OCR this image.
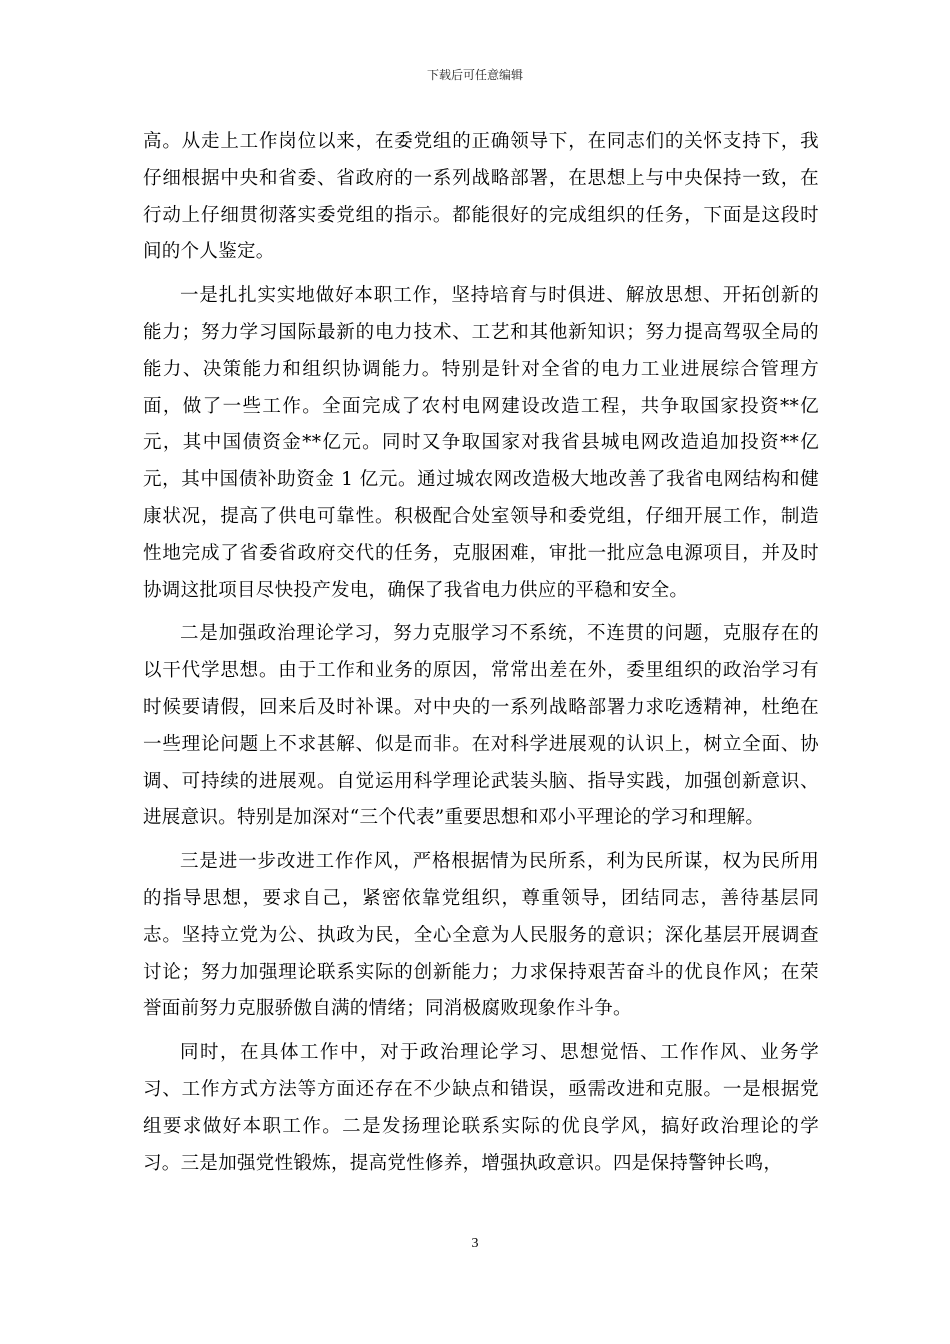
下载后可任意编辑

高。从走上工作岗位以来，在委党组的正确领导下，在同志们的关怀支持下，我仔细根据中央和省委、省政府的一系列战略部署，在思想上与中央保持一致，在行动上仔细贯彻落实委党组的指示。都能很好的完成组织的任务，下面是这段时间的个人鉴定。

一是扎扎实实地做好本职工作，坚持培育与时俱进、解放思想、开拓创新的能力；努力学习国际最新的电力技术、工艺和其他新知识；努力提高驾驭全局的能力、决策能力和组织协调能力。特别是针对全省的电力工业进展综合管理方面，做了一些工作。全面完成了农村电网建设改造工程，共争取国家投资**亿元，其中国债资金**亿元。同时又争取国家对我省县城电网改造追加投资**亿元，其中国债补助资金 1 亿元。通过城农网改造极大地改善了我省电网结构和健康状况，提高了供电可靠性。积极配合处室领导和委党组，仔细开展工作，制造性地完成了省委省政府交代的任务，克服困难，审批一批应急电源项目，并及时协调这批项目尽快投产发电，确保了我省电力供应的平稳和安全。

二是加强政治理论学习，努力克服学习不系统，不连贯的问题，克服存在的以干代学思想。由于工作和业务的原因，常常出差在外，委里组织的政治学习有时候要请假，回来后及时补课。对中央的一系列战略部署力求吃透精神，杜绝在一些理论问题上不求甚解、似是而非。在对科学进展观的认识上，树立全面、协调、可持续的进展观。自觉运用科学理论武装头脑、指导实践，加强创新意识、进展意识。特别是加深对“三个代表”重要思想和邓小平理论的学习和理解。

三是进一步改进工作作风，严格根据情为民所系，利为民所谋，权为民所用的指导思想，要求自己，紧密依靠党组织，尊重领导，团结同志，善待基层同志。坚持立党为公、执政为民，全心全意为人民服务的意识；深化基层开展调查讨论；努力加强理论联系实际的创新能力；力求保持艰苦奋斗的优良作风；在荣誉面前努力克服骄傲自满的情绪；同消极腐败现象作斗争。

同时，在具体工作中，对于政治理论学习、思想觉悟、工作作风、业务学习、工作方式方法等方面还存在不少缺点和错误，亟需改进和克服。一是根据党组要求做好本职工作。二是发扬理论联系实际的优良学风，搞好政治理论的学习。三是加强党性锻炼，提高党性修养，增强执政意识。四是保持警钟长鸣，

3
